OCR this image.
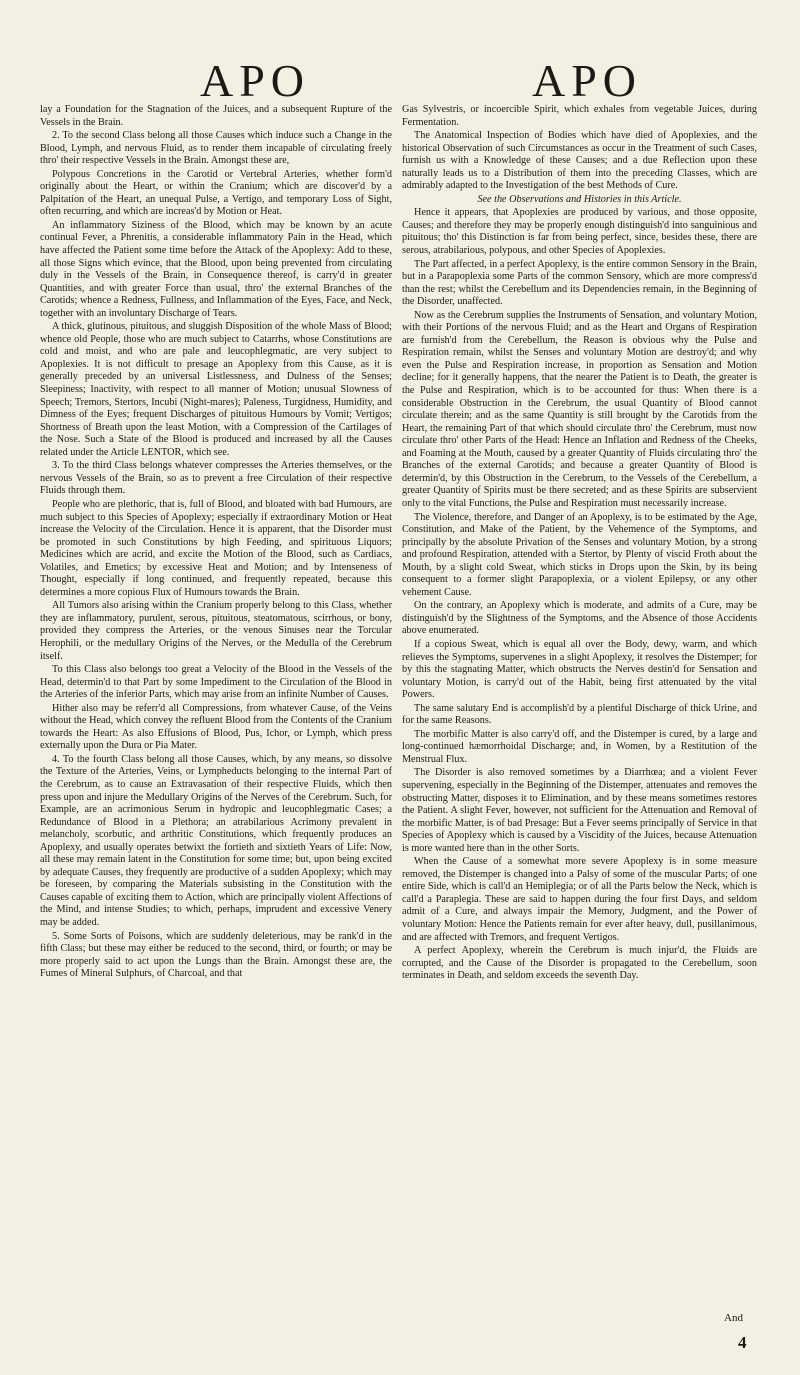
APO	APO

lay a Foundation for the Stagnation of the Juices, and a subsequent Rupture of the Vessels in the Brain.

2. To the second Class belong all those Causes which induce such a Change in the Blood, Lymph, and nervous Fluid, as to render them incapable of circulating freely thro' their respective Vessels in the Brain. Amongst these are,

Polypous Concretions in the Carotid or Vertebral Arteries, whether form'd originally about the Heart, or within the Cranium; which are discover'd by a Palpitation of the Heart, an unequal Pulse, a Vertigo, and temporary Loss of Sight, often recurring, and which are increas'd by Motion or Heat.

An inflammatory Siziness of the Blood, which may be known by an acute continual Fever, a Phrenitis, a considerable inflammatory Pain in the Head, which have affected the Patient some time before the Attack of the Apoplexy: Add to these, all those Signs which evince, that the Blood, upon being prevented from circulating duly in the Vessels of the Brain, in Consequence thereof, is carry'd in greater Quantities, and with greater Force than usual, thro' the external Branches of the Carotids; whence a Redness, Fullness, and Inflammation of the Eyes, Face, and Neck, together with an involuntary Discharge of Tears.

A thick, glutinous, pituitous, and sluggish Disposition of the whole Mass of Blood; whence old People, those who are much subject to Catarrhs, whose Constitutions are cold and moist, and who are pale and leucophlegmatic, are very subject to Apoplexies. It is not difficult to presage an Apoplexy from this Cause, as it is generally preceded by an universal Listlessness, and Dulness of the Senses; Sleepiness; Inactivity, with respect to all manner of Motion; unusual Slowness of Speech; Tremors, Stertors, Incubi (Night-mares); Paleness, Turgidness, Humidity, and Dimness of the Eyes; frequent Discharges of pituitous Humours by Vomit; Vertigos; Shortness of Breath upon the least Motion, with a Compression of the Cartilages of the Nose. Such a State of the Blood is produced and increased by all the Causes related under the Article LENTOR, which see.

3. To the third Class belongs whatever compresses the Arteries themselves, or the nervous Vessels of the Brain, so as to prevent a free Circulation of their respective Fluids through them.

People who are plethoric, that is, full of Blood, and bloated with bad Humours, are much subject to this Species of Apoplexy; especially if extraordinary Motion or Heat increase the Velocity of the Circulation. Hence it is apparent, that the Disorder must be promoted in such Constitutions by high Feeding, and spirituous Liquors; Medicines which are acrid, and excite the Motion of the Blood, such as Cardiacs, Volatiles, and Emetics; by excessive Heat and Motion; and by Intenseness of Thought, especially if long continued, and frequently repeated, because this determines a more copious Flux of Humours towards the Brain.

All Tumors also arising within the Cranium properly belong to this Class, whether they are inflammatory, purulent, serous, pituitous, steatomatous, scirrhous, or bony, provided they compress the Arteries, or the venous Sinuses near the Torcular Herophili, or the medullary Origins of the Nerves, or the Medulla of the Cerebrum itself.

To this Class also belongs too great a Velocity of the Blood in the Vessels of the Head, determin'd to that Part by some Impediment to the Circulation of the Blood in the Arteries of the inferior Parts, which may arise from an infinite Number of Causes.

Hither also may be referr'd all Compressions, from whatever Cause, of the Veins without the Head, which convey the refluent Blood from the Contents of the Cranium towards the Heart: As also Effusions of Blood, Pus, Ichor, or Lymph, which press externally upon the Dura or Pia Mater.

4. To the fourth Class belong all those Causes, which, by any means, so dissolve the Texture of the Arteries, Veins, or Lympheducts belonging to the internal Part of the Cerebrum, as to cause an Extravasation of their respective Fluids, which then press upon and injure the Medullary Origins of the Nerves of the Cerebrum. Such, for Example, are an acrimonious Serum in hydropic and leucophlegmatic Cases; a Redundance of Blood in a Plethora; an atrabilarious Acrimony prevalent in melancholy, scorbutic, and arthritic Constitutions, which frequently produces an Apoplexy, and usually operates betwixt the fortieth and sixtieth Years of Life: Now, all these may remain latent in the Constitution for some time; but, upon being excited by adequate Causes, they frequently are productive of a sudden Apoplexy; which may be foreseen, by comparing the Materials subsisting in the Constitution with the Causes capable of exciting them to Action, which are principally violent Affections of the Mind, and intense Studies; to which, perhaps, imprudent and excessive Venery may be added.

5. Some Sorts of Poisons, which are suddenly deleterious, may be rank'd in the fifth Class; but these may either be reduced to the second, third, or fourth; or may be more properly said to act upon the Lungs than the Brain. Amongst these are, the Fumes of Mineral Sulphurs, of Charcoal, and that

Gas Sylvestris, or incoercible Spirit, which exhales from vegetable Juices, during Fermentation.

The Anatomical Inspection of Bodies which have died of Apoplexies, and the historical Observation of such Circumstances as occur in the Treatment of such Cases, furnish us with a Knowledge of these Causes; and a due Reflection upon these naturally leads us to a Distribution of them into the preceding Classes, which are admirably adapted to the Investigation of the best Methods of Cure.

See the Observations and Histories in this Article.

Hence it appears, that Apoplexies are produced by various, and those opposite, Causes; and therefore they may be properly enough distinguish'd into sanguinious and pituitous; tho' this Distinction is far from being perfect, since, besides these, there are serous, atrabilarious, polypous, and other Species of Apoplexies.

The Part affected, in a perfect Apoplexy, is the entire common Sensory in the Brain, but in a Parapoplexia some Parts of the common Sensory, which are more compress'd than the rest; whilst the Cerebellum and its Dependencies remain, in the Beginning of the Disorder, unaffected.

Now as the Cerebrum supplies the Instruments of Sensation, and voluntary Motion, with their Portions of the nervous Fluid; and as the Heart and Organs of Respiration are furnish'd from the Cerebellum, the Reason is obvious why the Pulse and Respiration remain, whilst the Senses and voluntary Motion are destroy'd; and why even the Pulse and Respiration increase, in proportion as Sensation and Motion decline; for it generally happens, that the nearer the Patient is to Death, the greater is the Pulse and Respiration, which is to be accounted for thus: When there is a considerable Obstruction in the Cerebrum, the usual Quantity of Blood cannot circulate therein; and as the same Quantity is still brought by the Carotids from the Heart, the remaining Part of that which should circulate thro' the Cerebrum, must now circulate thro' other Parts of the Head: Hence an Inflation and Redness of the Cheeks, and Foaming at the Mouth, caused by a greater Quantity of Fluids circulating thro' the Branches of the external Carotids; and because a greater Quantity of Blood is determin'd, by this Obstruction in the Cerebrum, to the Vessels of the Cerebellum, a greater Quantity of Spirits must be there secreted; and as these Spirits are subservient only to the vital Functions, the Pulse and Respiration must necessarily increase.

The Violence, therefore, and Danger of an Apoplexy, is to be estimated by the Age, Constitution, and Make of the Patient, by the Vehemence of the Symptoms, and principally by the absolute Privation of the Senses and voluntary Motion, by a strong and profound Respiration, attended with a Stertor, by Plenty of viscid Froth about the Mouth, by a slight cold Sweat, which sticks in Drops upon the Skin, by its being consequent to a former slight Parapoplexia, or a violent Epilepsy, or any other vehement Cause.

On the contrary, an Apoplexy which is moderate, and admits of a Cure, may be distinguish'd by the Slightness of the Symptoms, and the Absence of those Accidents above enumerated.

If a copious Sweat, which is equal all over the Body, dewy, warm, and which relieves the Symptoms, supervenes in a slight Apoplexy, it resolves the Distemper; for by this the stagnating Matter, which obstructs the Nerves destin'd for Sensation and voluntary Motion, is carry'd out of the Habit, being first attenuated by the vital Powers.

The same salutary End is accomplish'd by a plentiful Discharge of thick Urine, and for the same Reasons.

The morbific Matter is also carry'd off, and the Distemper is cured, by a large and long-continued hæmorrhoidal Discharge; and, in Women, by a Restitution of the Menstrual Flux.

The Disorder is also removed sometimes by a Diarrhœa; and a violent Fever supervening, especially in the Beginning of the Distemper, attenuates and removes the obstructing Matter, disposes it to Elimination, and by these means sometimes restores the Patient. A slight Fever, however, not sufficient for the Attenuation and Removal of the morbific Matter, is of bad Presage: But a Fever seems principally of Service in that Species of Apoplexy which is caused by a Viscidity of the Juices, because Attenuation is more wanted here than in the other Sorts.

When the Cause of a somewhat more severe Apoplexy is in some measure removed, the Distemper is changed into a Palsy of some of the muscular Parts; of one entire Side, which is call'd an Hemiplegia; or of all the Parts below the Neck, which is call'd a Paraplegia. These are said to happen during the four first Days, and seldom admit of a Cure, and always impair the Memory, Judgment, and the Power of voluntary Motion: Hence the Patients remain for ever after heavy, dull, pusillanimous, and are affected with Tremors, and frequent Vertigos.

A perfect Apoplexy, wherein the Cerebrum is much injur'd, the Fluids are corrupted, and the Cause of the Disorder is propagated to the Cerebellum, soon terminates in Death, and seldom exceeds the seventh Day.

And
4
